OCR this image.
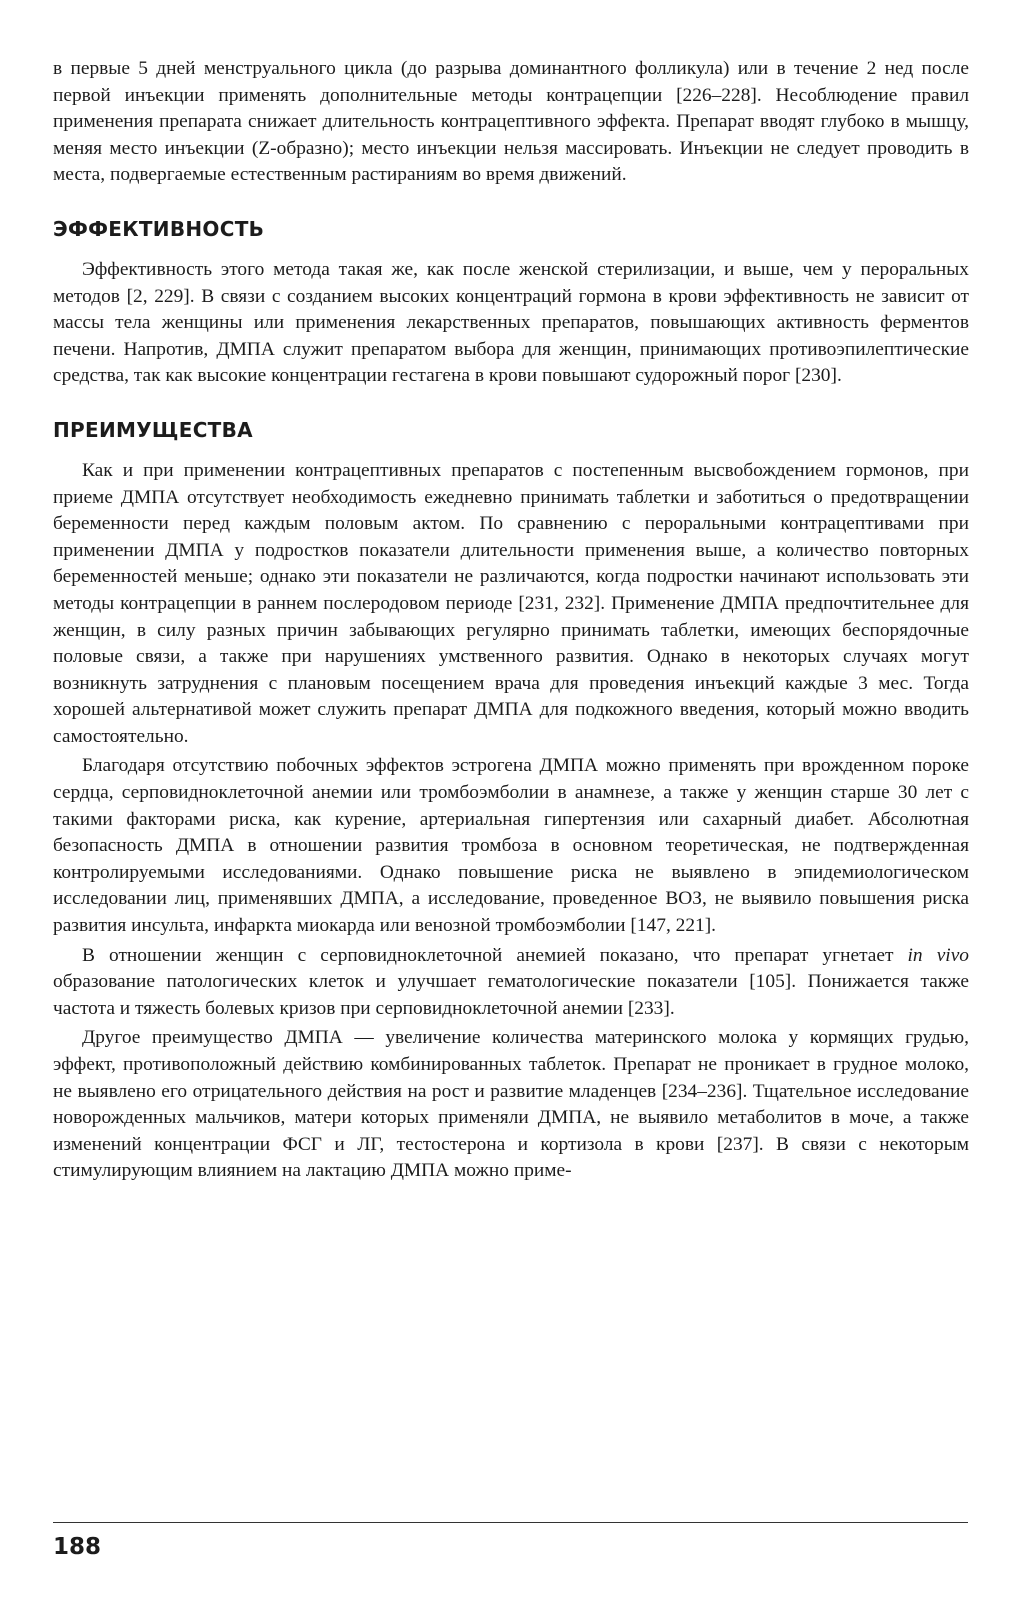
в первые 5 дней менструального цикла (до разрыва доминантного фолликула) или в течение 2 нед после первой инъекции применять дополнительные методы контрацепции [226–228]. Несоблюдение правил применения препарата снижает длительность контрацептивного эффекта. Препарат вводят глубоко в мышцу, меняя место инъекции (Z-образно); место инъекции нельзя массировать. Инъекции не следует проводить в места, подвергаемые естественным растираниям во время движений.

ЭФФЕКТИВНОСТЬ

Эффективность этого метода такая же, как после женской стерилизации, и выше, чем у пероральных методов [2, 229]. В связи с созданием высоких концентраций гормона в крови эффективность не зависит от массы тела женщины или применения лекарственных препаратов, повышающих активность ферментов печени. Напротив, ДМПА служит препаратом выбора для женщин, принимающих противоэпилептические средства, так как высокие концентрации гестагена в крови повышают судорожный порог [230].

ПРЕИМУЩЕСТВА

Как и при применении контрацептивных препаратов с постепенным высвобождением гормонов, при приеме ДМПА отсутствует необходимость ежедневно принимать таблетки и заботиться о предотвращении беременности перед каждым половым актом. По сравнению с пероральными контрацептивами при применении ДМПА у подростков показатели длительности применения выше, а количество повторных беременностей меньше; однако эти показатели не различаются, когда подростки начинают использовать эти методы контрацепции в раннем послеродовом периоде [231, 232]. Применение ДМПА предпочтительнее для женщин, в силу разных причин забывающих регулярно принимать таблетки, имеющих беспорядочные половые связи, а также при нарушениях умственного развития. Однако в некоторых случаях могут возникнуть затруднения с плановым посещением врача для проведения инъекций каждые 3 мес. Тогда хорошей альтернативой может служить препарат ДМПА для подкожного введения, который можно вводить самостоятельно.

Благодаря отсутствию побочных эффектов эстрогена ДМПА можно применять при врожденном пороке сердца, серповидноклеточной анемии или тромбоэмболии в анамнезе, а также у женщин старше 30 лет с такими факторами риска, как курение, артериальная гипертензия или сахарный диабет. Абсолютная безопасность ДМПА в отношении развития тромбоза в основном теоретическая, не подтвержденная контролируемыми исследованиями. Однако повышение риска не выявлено в эпидемиологическом исследовании лиц, применявших ДМПА, а исследование, проведенное ВОЗ, не выявило повышения риска развития инсульта, инфаркта миокарда или венозной тромбоэмболии [147, 221].

В отношении женщин с серповидноклеточной анемией показано, что препарат угнетает in vivo образование патологических клеток и улучшает гематологические показатели [105]. Понижается также частота и тяжесть болевых кризов при серповидноклеточной анемии [233].

Другое преимущество ДМПА — увеличение количества материнского молока у кормящих грудью, эффект, противоположный действию комбинированных таблеток. Препарат не проникает в грудное молоко, не выявлено его отрицательного действия на рост и развитие младенцев [234–236]. Тщательное исследование новорожденных мальчиков, матери которых применяли ДМПА, не выявило метаболитов в моче, а также изменений концентрации ФСГ и ЛГ, тестостерона и кортизола в крови [237]. В связи с некоторым стимулирующим влиянием на лактацию ДМПА можно приме-

188
